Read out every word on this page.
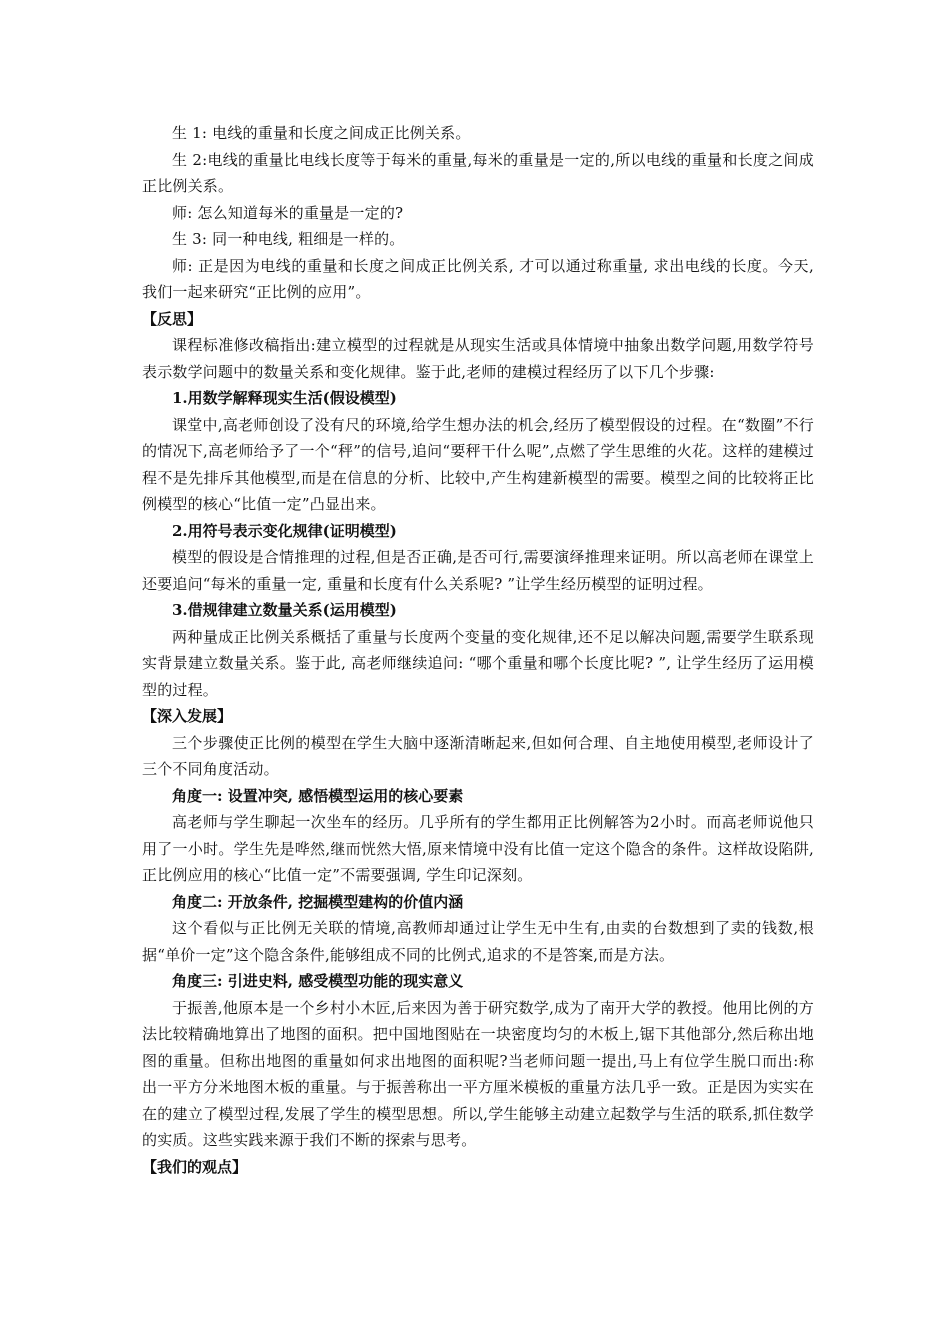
生 1: 电线的重量和长度之间成正比例关系。

生 2:电线的重量比电线长度等于每米的重量,每米的重量是一定的,所以电线的重量和长度之间成正比例关系。

师: 怎么知道每米的重量是一定的?

生 3: 同一种电线, 粗细是一样的。

师: 正是因为电线的重量和长度之间成正比例关系, 才可以通过称重量, 求出电线的长度。今天, 我们一起来研究“正比例的应用”。

【反思】

课程标准修改稿指出:建立模型的过程就是从现实生活或具体情境中抽象出数学问题,用数学符号表示数学问题中的数量关系和变化规律。鉴于此,老师的建模过程经历了以下几个步骤:

1.用数学解释现实生活(假设模型)

课堂中,高老师创设了没有尺的环境,给学生想办法的机会,经历了模型假设的过程。在“数圈”不行的情况下,高老师给予了一个“秤”的信号,追问“要秤干什么呢”,点燃了学生思维的火花。这样的建模过程不是先排斥其他模型,而是在信息的分析、比较中,产生构建新模型的需要。模型之间的比较将正比例模型的核心“比值一定”凸显出来。

2.用符号表示变化规律(证明模型)

模型的假设是合情推理的过程,但是否正确,是否可行,需要演绎推理来证明。所以高老师在课堂上还要追问“每米的重量一定, 重量和长度有什么关系呢? ”让学生经历模型的证明过程。

3.借规律建立数量关系(运用模型)

两种量成正比例关系概括了重量与长度两个变量的变化规律,还不足以解决问题,需要学生联系现实背景建立数量关系。鉴于此, 高老师继续追问: “哪个重量和哪个长度比呢? ”, 让学生经历了运用模型的过程。

【深入发展】

三个步骤使正比例的模型在学生大脑中逐渐清晰起来,但如何合理、自主地使用模型,老师设计了三个不同角度活动。

角度一: 设置冲突, 感悟模型运用的核心要素

高老师与学生聊起一次坐车的经历。几乎所有的学生都用正比例解答为2小时。而高老师说他只用了一小时。学生先是哗然,继而恍然大悟,原来情境中没有比值一定这个隐含的条件。这样故设陷阱, 正比例应用的核心“比值一定”不需要强调, 学生印记深刻。

角度二: 开放条件, 挖掘模型建构的价值内涵

这个看似与正比例无关联的情境,高教师却通过让学生无中生有,由卖的台数想到了卖的钱数,根据“单价一定”这个隐含条件,能够组成不同的比例式,追求的不是答案,而是方法。

角度三: 引进史料, 感受模型功能的现实意义

于振善,他原本是一个乡村小木匠,后来因为善于研究数学,成为了南开大学的教授。他用比例的方法比较精确地算出了地图的面积。把中国地图贴在一块密度均匀的木板上,锯下其他部分,然后称出地图的重量。但称出地图的重量如何求出地图的面积呢?当老师问题一提出,马上有位学生脱口而出:称出一平方分米地图木板的重量。与于振善称出一平方厘米模板的重量方法几乎一致。正是因为实实在在的建立了模型过程,发展了学生的模型思想。所以,学生能够主动建立起数学与生活的联系,抓住数学的实质。这些实践来源于我们不断的探索与思考。

【我们的观点】
